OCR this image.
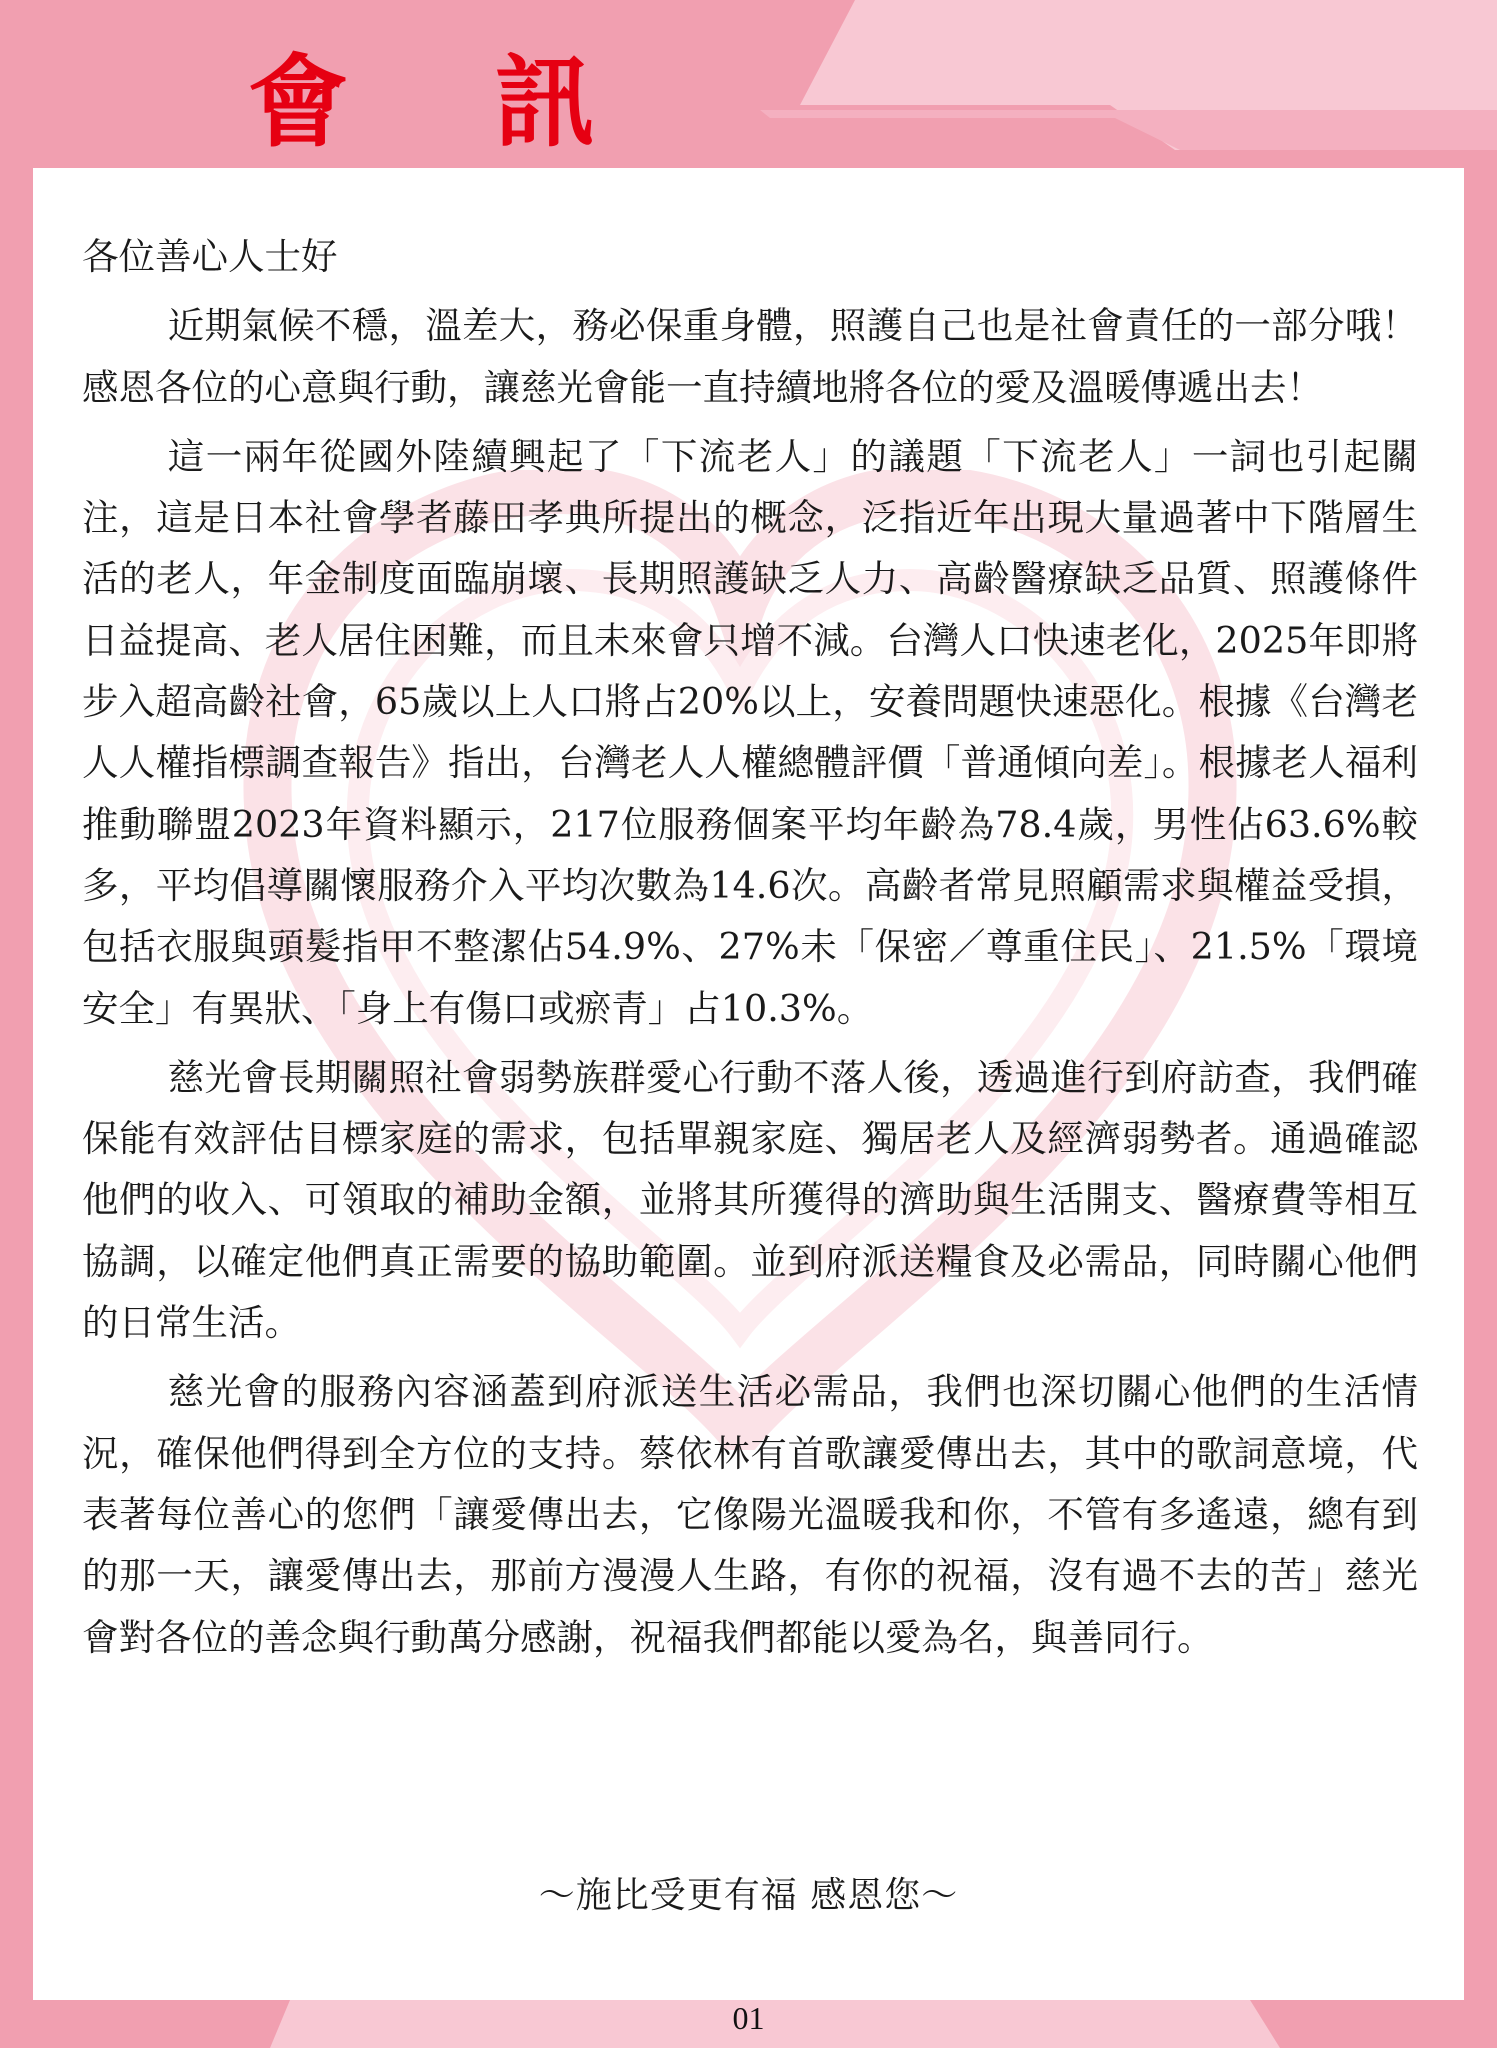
會 訊

各位善心人士好

近期氣候不穩，溫差大，務必保重身體，照護自己也是社會責任的一部分哦！感恩各位的心意與行動，讓慈光會能一直持續地將各位的愛及溫暖傳遞出去！

這一兩年從國外陸續興起了「下流老人」的議題「下流老人」一詞也引起關注，這是日本社會學者藤田孝典所提出的概念，泛指近年出現大量過著中下階層生活的老人，年金制度面臨崩壞、長期照護缺乏人力、高齡醫療缺乏品質、照護條件日益提高、老人居住困難，而且未來會只增不減。台灣人口快速老化，2025年即將步入超高齡社會，65歲以上人口將占20%以上，安養問題快速惡化。根據《台灣老人人權指標調查報告》指出，台灣老人人權總體評價「普通傾向差」。根據老人福利推動聯盟2023年資料顯示，217位服務個案平均年齡為78.4歲，男性佔63.6%較多，平均倡導關懷服務介入平均次數為14.6次。高齡者常見照顧需求與權益受損，包括衣服與頭髮指甲不整潔佔54.9%、27%未「保密／尊重住民」、21.5%「環境安全」有異狀、「身上有傷口或瘀青」占10.3%。

慈光會長期關照社會弱勢族群愛心行動不落人後，透過進行到府訪查，我們確保能有效評估目標家庭的需求，包括單親家庭、獨居老人及經濟弱勢者。通過確認他們的收入、可領取的補助金額，並將其所獲得的濟助與生活開支、醫療費等相互協調，以確定他們真正需要的協助範圍。並到府派送糧食及必需品，同時關心他們的日常生活。

慈光會的服務內容涵蓋到府派送生活必需品，我們也深切關心他們的生活情況，確保他們得到全方位的支持。蔡依林有首歌讓愛傳出去，其中的歌詞意境，代表著每位善心的您們「讓愛傳出去，它像陽光溫暖我和你，不管有多遙遠，總有到的那一天，讓愛傳出去，那前方漫漫人生路，有你的祝福，沒有過不去的苦」慈光會對各位的善念與行動萬分感謝，祝福我們都能以愛為名，與善同行。

～施比受更有福 感恩您～
01
